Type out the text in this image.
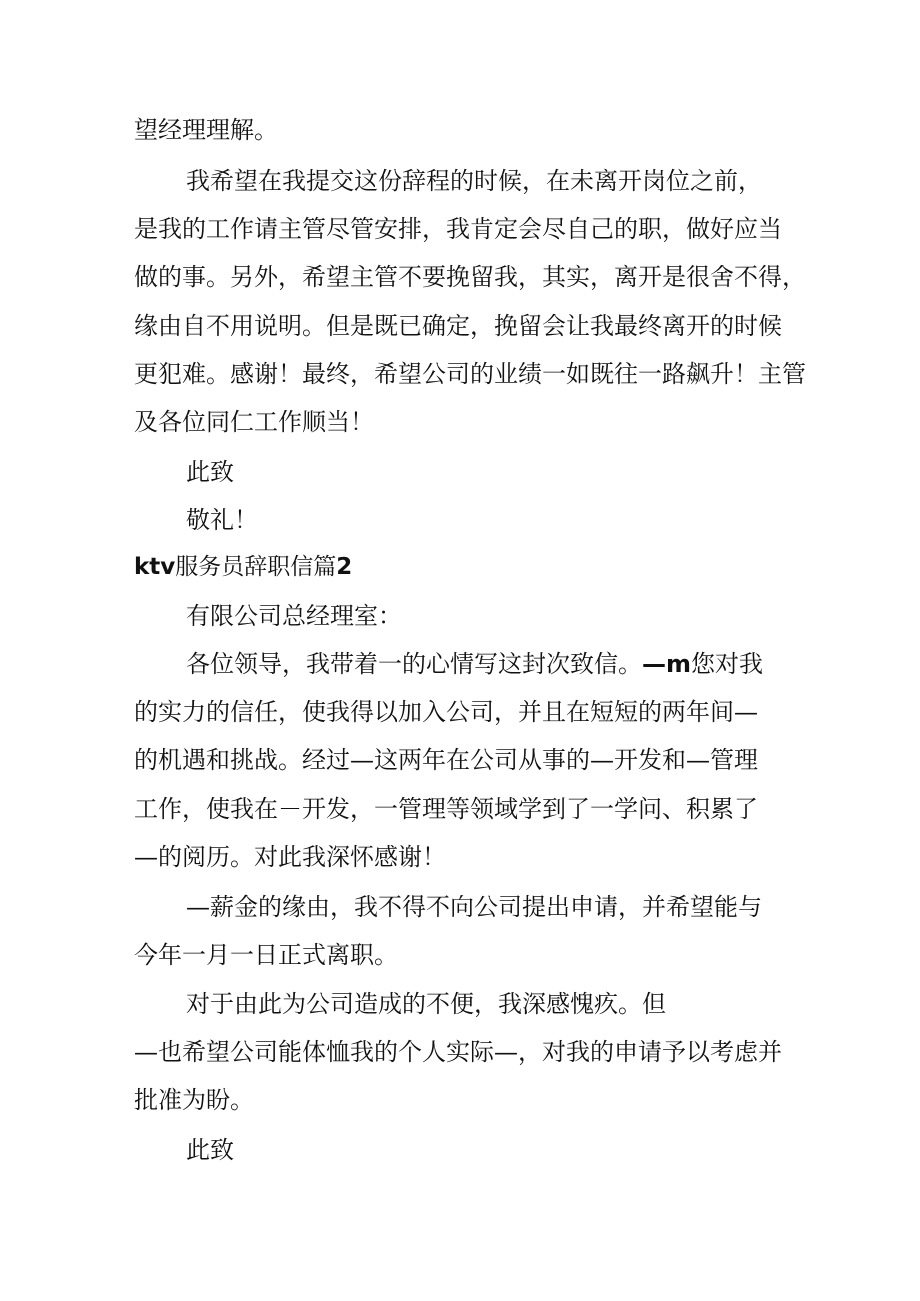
望经理理解。
我希望在我提交这份辞程的时候，在未离开岗位之前，
是我的工作请主管尽管安排，我肯定会尽自己的职，做好应当
做的事。另外，希望主管不要挽留我，其实，离开是很舍不得，
缘由自不用说明。但是既已确定，挽留会让我最终离开的时候
更犯难。感谢！最终，希望公司的业绩一如既往一路飙升！主管
及各位同仁工作顺当！
此致
敬礼！
ktv服务员辞职信篇2
有限公司总经理室：
各位领导，我带着一的心情写这封次致信。—m您对我
的实力的信任，使我得以加入公司，并且在短短的两年间—
的机遇和挑战。经过—这两年在公司从事的—开发和—管理
工作，使我在－开发，一管理等领域学到了一学问、积累了
—的阅历。对此我深怀感谢！
—薪金的缘由，我不得不向公司提出申请，并希望能与
今年一月一日正式离职。
对于由此为公司造成的不便，我深感愧疚。但
—也希望公司能体恤我的个人实际—，对我的申请予以考虑并
批准为盼。
此致
